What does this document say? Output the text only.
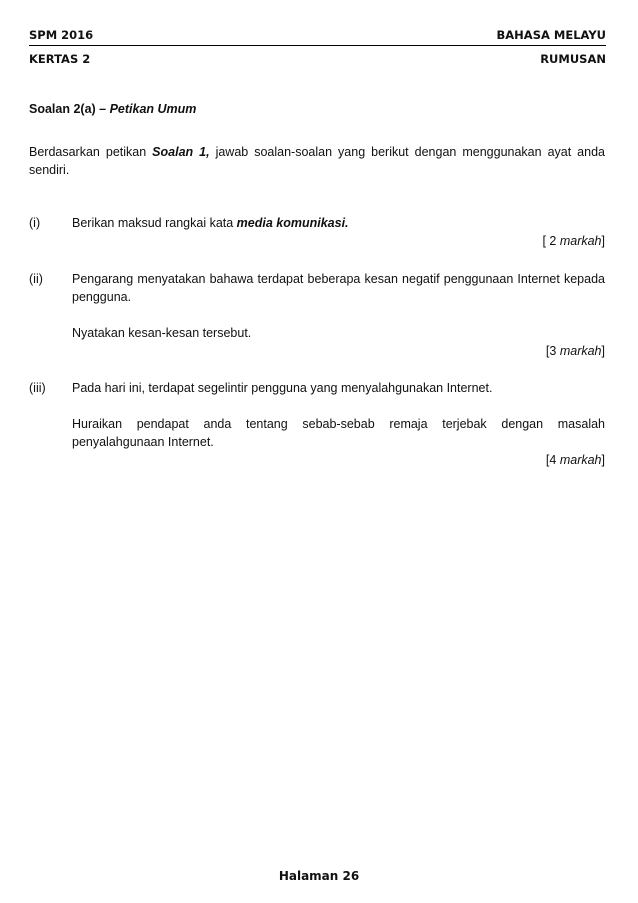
SPM 2016	BAHASA MELAYU
KERTAS 2	RUMUSAN
Soalan 2(a) – Petikan Umum
Berdasarkan petikan Soalan 1, jawab soalan-soalan yang berikut dengan menggunakan ayat anda sendiri.
(i)	Berikan maksud rangkai kata media komunikasi.

[ 2 markah]
(ii)	Pengarang menyatakan bahawa terdapat beberapa kesan negatif penggunaan Internet kepada pengguna.

Nyatakan kesan-kesan tersebut.

[3 markah]
(iii)	Pada hari ini, terdapat segelintir pengguna yang menyalahgunakan Internet.

Huraikan pendapat anda tentang sebab-sebab remaja terjebak dengan masalah penyalahgunaan Internet.

[4 markah]
Halaman 26
